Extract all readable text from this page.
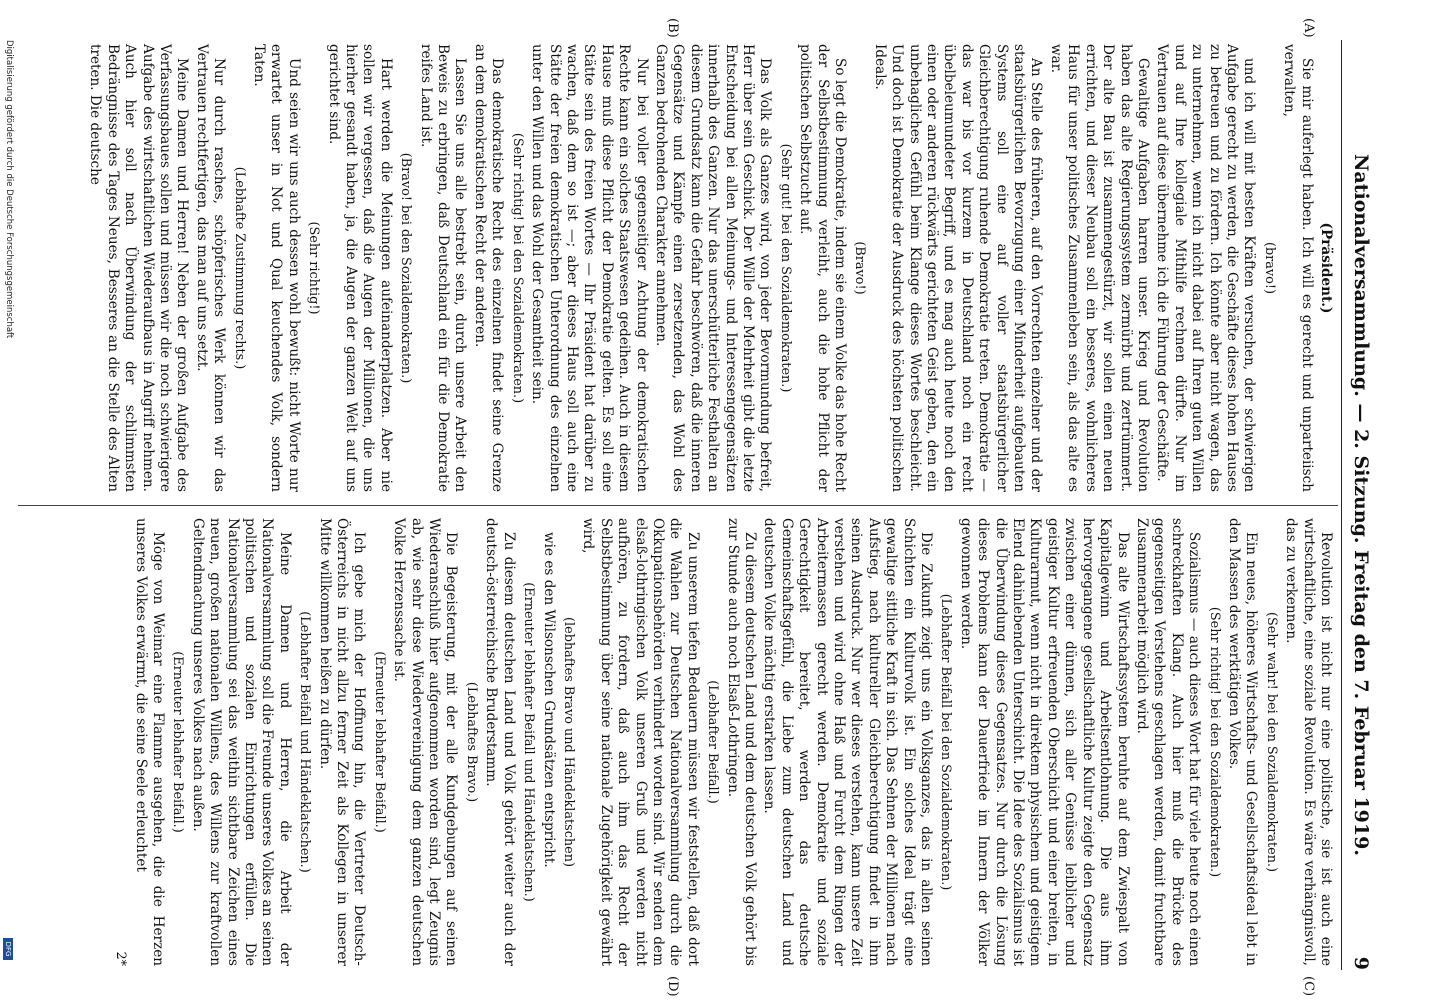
Nationalversammlung. — 2. Sitzung. Freitag den 7. Februar 1919.
9
(A)
(B)
(C)
(D)

(Präsident.)

Sie mir auferlegt haben. Ich will es gerecht und unparteiisch verwalten,

(bravo!)

und ich will mit besten Kräften versuchen, der schwierigen Aufgabe gerecht zu werden, die Geschäfte dieses hohen Hauses zu betreuen und zu fördern. Ich könnte aber nicht wagen, das zu unternehmen, wenn ich nicht dabei auf Ihren guten Willen und auf Ihre kollegiale Mithilfe rechnen dürfte. Nur im Vertrauen auf diese übernehme ich die Führung der Geschäfte.

Gewaltige Aufgaben harren unser. Krieg und Revolution haben das alte Regierungssystem zermürbt und zertrümmert. Der alte Bau ist zusammengestürzt, wir sollen einen neuen errichten, und dieser Neubau soll ein besseres, wohnlicheres Haus für unser politisches Zusammenleben sein, als das alte es war.

An Stelle des früheren, auf den Vorrechten einzelner und der staatsbürgerlichen Bevorzugung einer Minderheit aufgebauten Systems soll eine auf voller staatsbürgerlicher Gleichberechtigung ruhende Demokratie treten. Demokratie — das war bis vor kurzem in Deutschland noch ein recht übelbeleumundeter Begriff, und es mag auch heute noch den einen oder anderen rückwärts gerichteten Geist geben, den ein unbehagliches Gefühl beim Klange dieses Wortes beschleicht. Und doch ist Demokratie der Ausdruck des höchsten politischen Ideals.

(Bravo!)

So legt die Demokratie, indem sie einem Volke das hohe Recht der Selbstbestimmung verleiht, auch die hohe Pflicht der politischen Selbstzucht auf.

(Sehr gut! bei den Sozialdemokraten.)

Das Volk als Ganzes wird, von jeder Bevormundung befreit, Herr über sein Geschick. Der Wille der Mehrheit gibt die letzte Entscheidung bei allen Meinungs- und Interessengegensätzen innerhalb des Ganzen. Nur das unerschütterliche Festhalten an diesem Grundsatz kann die Gefahr beschwören, daß die inneren Gegensätze und Kämpfe einen zersetzenden, das Wohl des Ganzen bedrohenden Charakter annehmen.

Nur bei voller gegenseitiger Achtung der demokratischen Rechte kann ein solches Staatswesen gedeihen. Auch in diesem Hause muß diese Pflicht der Demokratie gelten. Es soll eine Stätte sein des freien Wortes — Ihr Präsident hat darüber zu wachen, daß dem so ist —; aber dieses Haus soll auch eine Stätte der freien demokratischen Unterordnung des einzelnen unter den Willen und das Wohl der Gesamtheit sein.

(Sehr richtig! bei den Sozialdemokraten.)

Das demokratische Recht des einzelnen findet seine Grenze an dem demokratischen Recht der anderen.

Lassen Sie uns alle bestrebt sein, durch unsere Arbeit den Beweis zu erbringen, daß Deutschland ein für die Demokratie reifes Land ist.

(Bravo! bei den Sozialdemokraten.)

Hart werden die Meinungen aufeinanderplatzen. Aber nie sollen wir vergessen, daß die Augen der Millionen, die uns hierher gesandt haben, ja, die Augen der ganzen Welt auf uns gerichtet sind.

(Sehr richtig!)

Und seien wir uns auch dessen wohl bewußt: nicht Worte nur erwartet unser in Not und Qual keuchendes Volk, sondern Taten.

(Lebhafte Zustimmung rechts.)

Nur durch rasches, schöpferisches Werk können wir das Vertrauen rechtfertigen, das man auf uns setzt.

Meine Damen und Herren! Neben der großen Aufgabe des Verfassungsbaues sollen und müssen wir die noch schwierigere Aufgabe des wirtschaftlichen Wiederaufbaus in Angriff nehmen. Auch hier soll nach Überwindung der schlimmsten Bedrängnisse des Tages Neues, Besseres an die Stelle des Alten treten. Die deutsche

Revolution ist nicht nur eine politische, sie ist auch eine wirtschaftliche, eine soziale Revolution. Es wäre verhängnisvoll, das zu verkennen.

(Sehr wahr! bei den Sozialdemokraten.)

Ein neues, höheres Wirtschafts- und Gesellschaftsideal lebt in den Massen des werktätigen Volkes.

(Sehr richtig! bei den Sozialdemokraten.)

Sozialismus — auch dieses Wort hat für viele heute noch einen schreckhaften Klang. Auch hier muß die Brücke des gegenseitigen Verstehens geschlagen werden, damit fruchtbare Zusammenarbeit möglich wird.

Das alte Wirtschaftssystem beruhte auf dem Zwiespalt von Kapitalgewinn und Arbeitsentlohnung. Die aus ihm hervorgegangene gesellschaftliche Kultur zeigte den Gegensatz zwischen einer dünnen, sich aller Genüsse leiblicher und geistiger Kultur erfreuenden Oberschicht und einer breiten, in Kulturarmut, wenn nicht in direktem physischem und geistigem Elend dahinlebenden Unterschicht. Die Idee des Sozialismus ist die Überwindung dieses Gegensatzes. Nur durch die Lösung dieses Problems kann der Dauerfriede im Innern der Völker gewonnen werden.

(Lebhafter Beifall bei den Sozialdemokraten.)

Die Zukunft zeigt uns ein Volksganzes, das in allen seinen Schichten ein Kulturvolk ist. Ein solches Ideal trägt eine gewaltige sittliche Kraft in sich. Das Sehnen der Millionen nach Aufstieg, nach kultureller Gleichberechtigung findet in ihm seinen Ausdruck. Nur wer dieses verstehen, kann unsere Zeit verstehen und wird ohne Haß und Furcht dem Ringen der Arbeitermassen gerecht werden. Demokratie und soziale Gerechtigkeit bereitet, werden das deutsche Gemeinschaftsgefühl, die Liebe zum deutschen Land und deutschen Volke mächtig erstarken lassen.

Zu diesem deutschen Land und dem deutschen Volk gehört bis zur Stunde auch noch Elsaß-Lothringen.

(Lebhafter Beifall.)

Zu unserem tiefen Bedauern müssen wir feststellen, daß dort die Wahlen zur Deutschen Nationalversammlung durch die Okkupationsbehörden verhindert worden sind. Wir senden dem elsaß-lothringischen Volk unseren Gruß und werden nicht aufhören, zu fordern, daß auch ihm das Recht der Selbstbestimmung über seine nationale Zugehörigkeit gewährt wird,

(lebhaftes Bravo und Händeklatschen)

wie es den Wilsonschen Grundsätzen entspricht.

(Erneuter lebhafter Beifall und Händeklatschen.)

Zu diesem deutschen Land und Volk gehört weiter auch der deutsch-österreichische Bruderstamm.

(Lebhaftes Bravo.)

Die Begeisterung, mit der alle Kundgebungen auf seinen Wiederanschluß hier aufgenommen worden sind, legt Zeugnis ab, wie sehr diese Wiedervereinigung dem ganzen deutschen Volke Herzenssache ist.

(Erneuter lebhafter Beifall.)

Ich gebe mich der Hoffnung hin, die Vertreter Deutsch-Österreichs in nicht allzu ferner Zeit als Kollegen in unserer Mitte willkommen heißen zu dürfen.

(Lebhafter Beifall und Händeklatschen.)

Meine Damen und Herren, die Arbeit der Nationalversammlung soll die Freunde unseres Volkes an seinen politischen und sozialen Einrichtungen erfüllen. Die Nationalversammlung sei das weithin sichtbare Zeichen eines neuen, großen nationalen Willens, des Willens zur kraftvollen Geltendmachung unseres Volkes nach außen.

(Erneuter lebhafter Beifall.)

Möge von Weimar eine Flamme ausgehen, die die Herzen unseres Volkes erwärmt, die seine Seele erleuchtet

2*

Digitalisierung gefördert durch die Deutsche Forschungsgemeinschaft
DFG
